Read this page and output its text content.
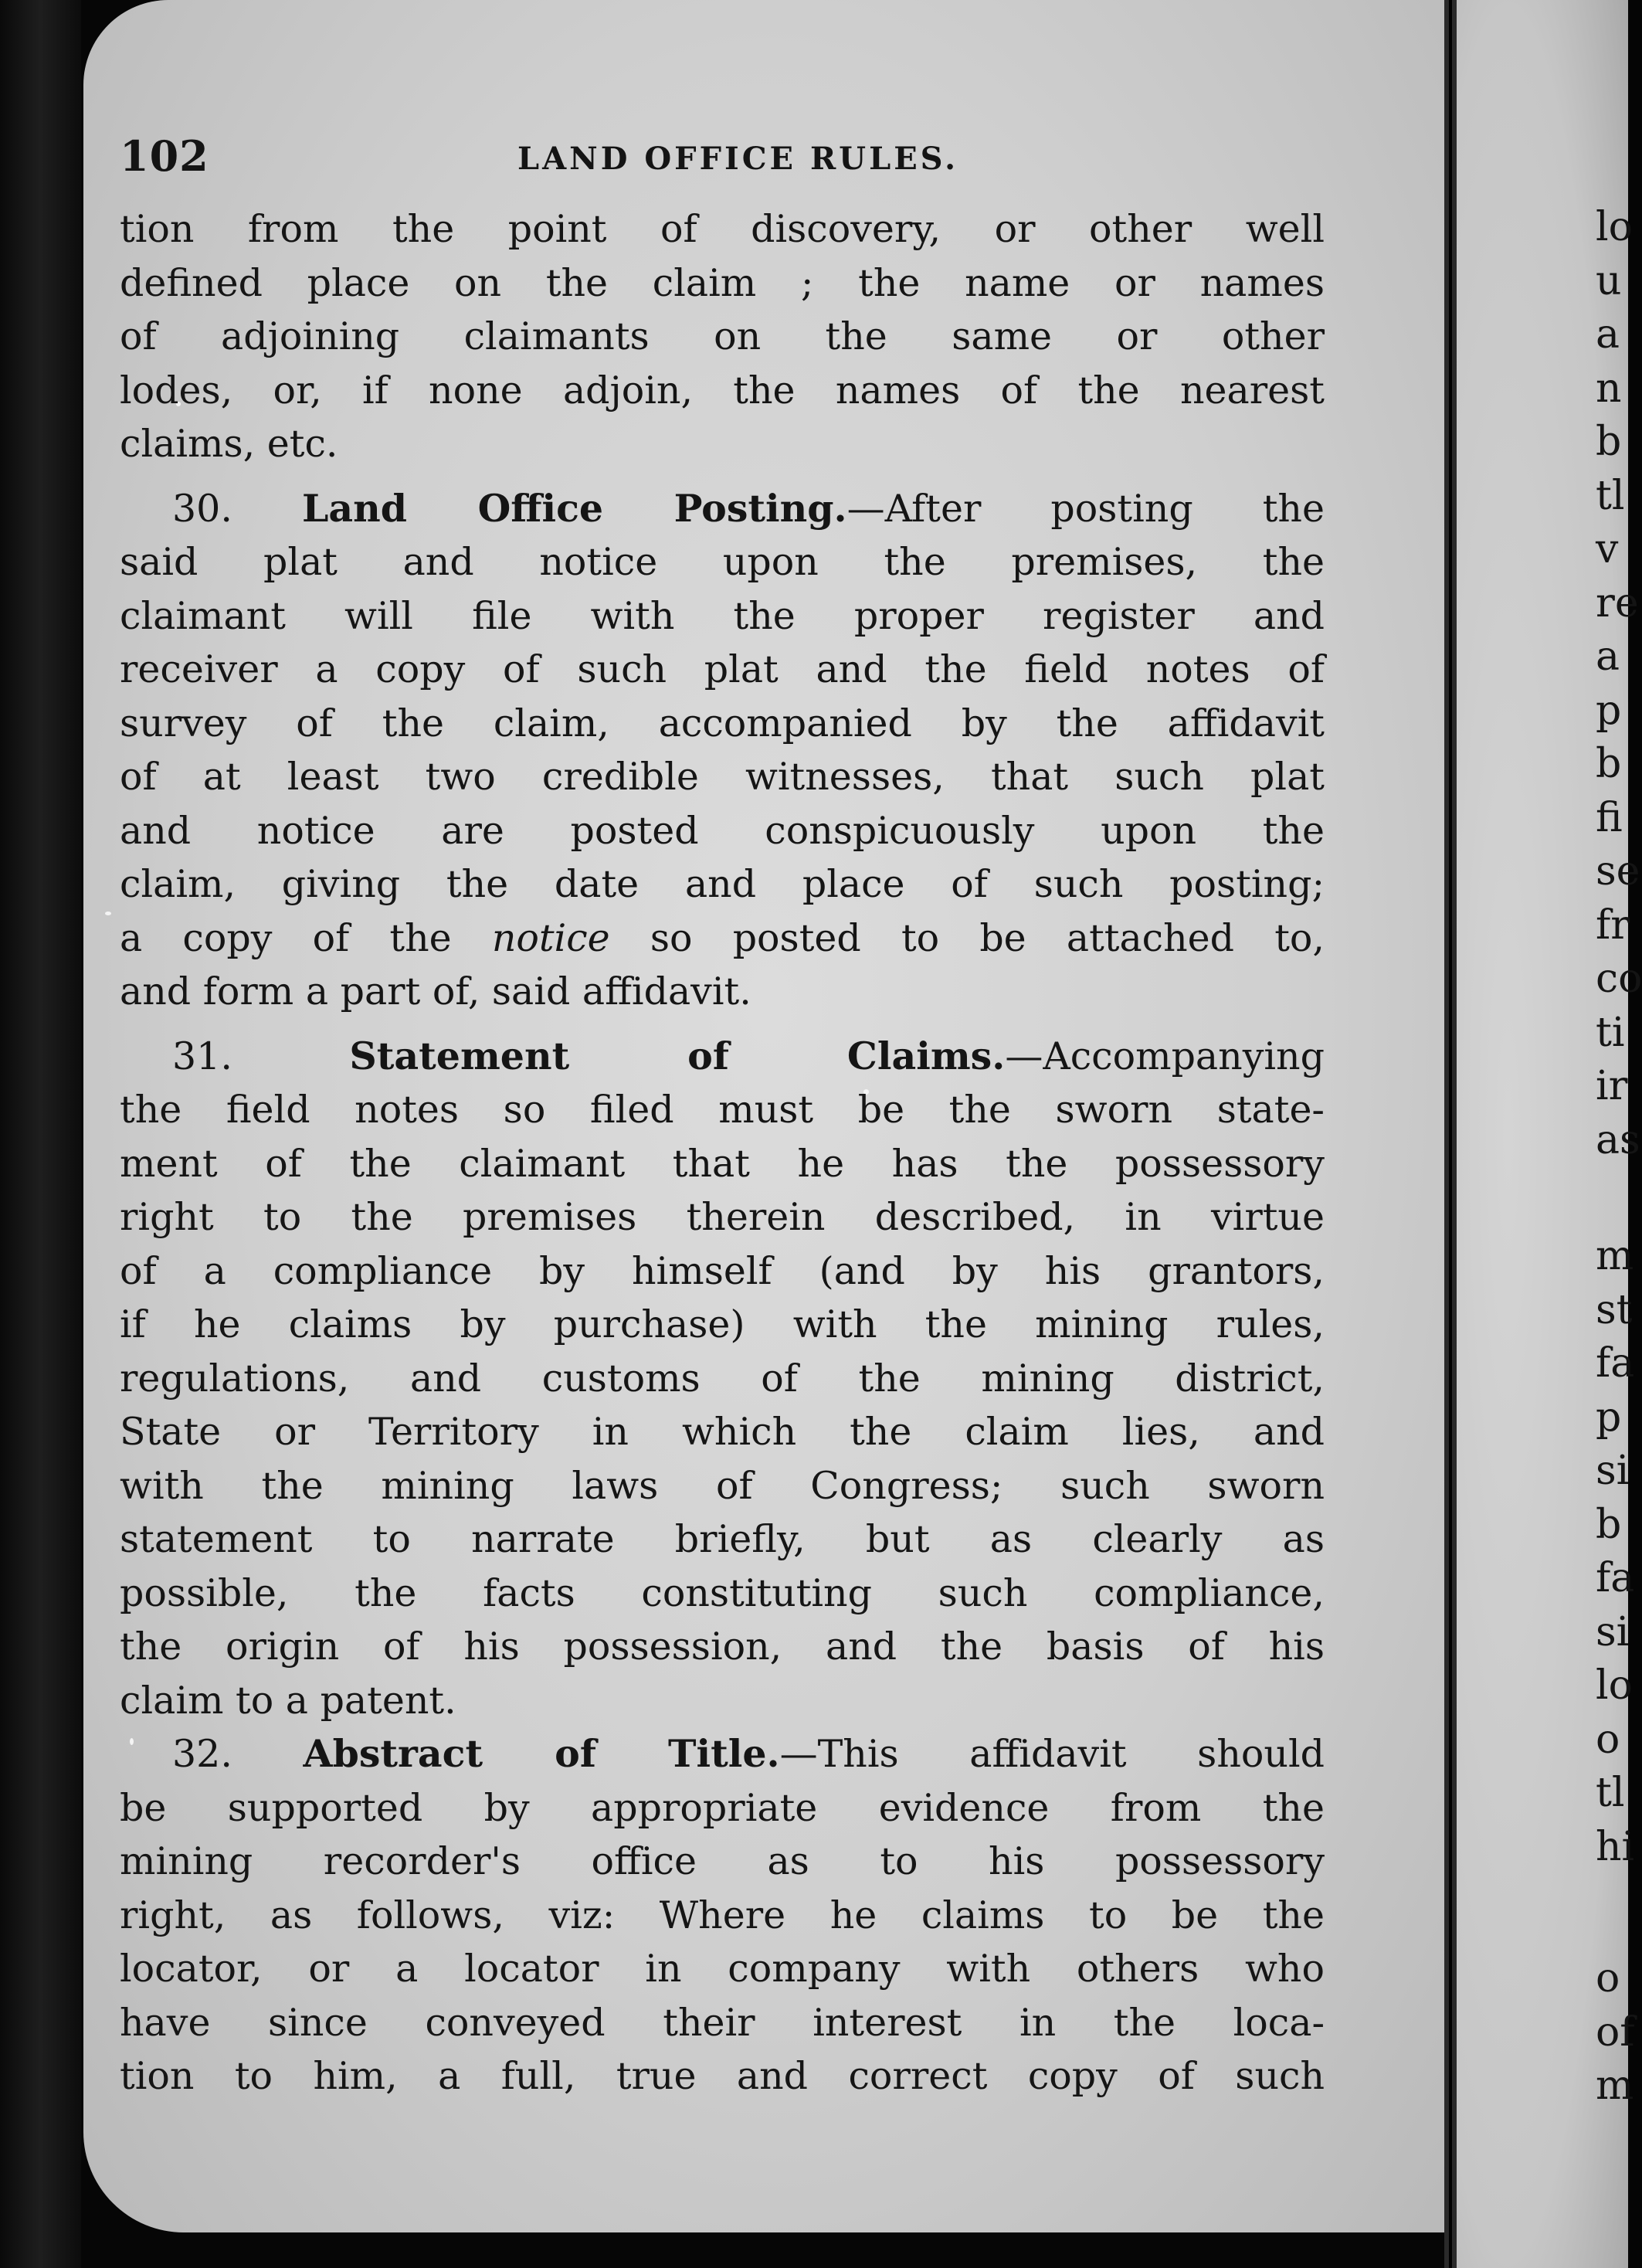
102	LAND OFFICE RULES.
tion from the point of discovery, or other well
defined place on the claim ; the name or names
of adjoining claimants on the same or other
lodes, or, if none adjoin, the names of the nearest
claims, etc.
30. Land Office Posting.—After posting the
said plat and notice upon the premises, the
claimant will file with the proper register and
receiver a copy of such plat and the field notes of
survey of the claim, accompanied by the affidavit
of at least two credible witnesses, that such plat
and notice are posted conspicuously upon the
claim, giving the date and place of such posting;
a copy of the notice so posted to be attached to,
and form a part of, said affidavit.
31. Statement of Claims.—Accompanying
the field notes so filed must be the sworn state-
ment of the claimant that he has the possessory
right to the premises therein described, in virtue
of a compliance by himself (and by his grantors,
if he claims by purchase) with the mining rules,
regulations, and customs of the mining district,
State or Territory in which the claim lies, and
with the mining laws of Congress; such sworn
statement to narrate briefly, but as clearly as
possible, the facts constituting such compliance,
the origin of his possession, and the basis of his
claim to a patent.
32. Abstract of Title.—This affidavit should
be supported by appropriate evidence from the
mining recorder's office as to his possessory
right, as follows, viz: Where he claims to be the
locator, or a locator in company with others who
have since conveyed their interest in the loca-
tion to him, a full, true and correct copy of such
lo
u
a
n
b
tl
v
re
a
p
b
fi
se
fr
co
ti
ir
as
m
st
fa
p
si
b
fa
si
lo
o
tl
hi
o
of
m
